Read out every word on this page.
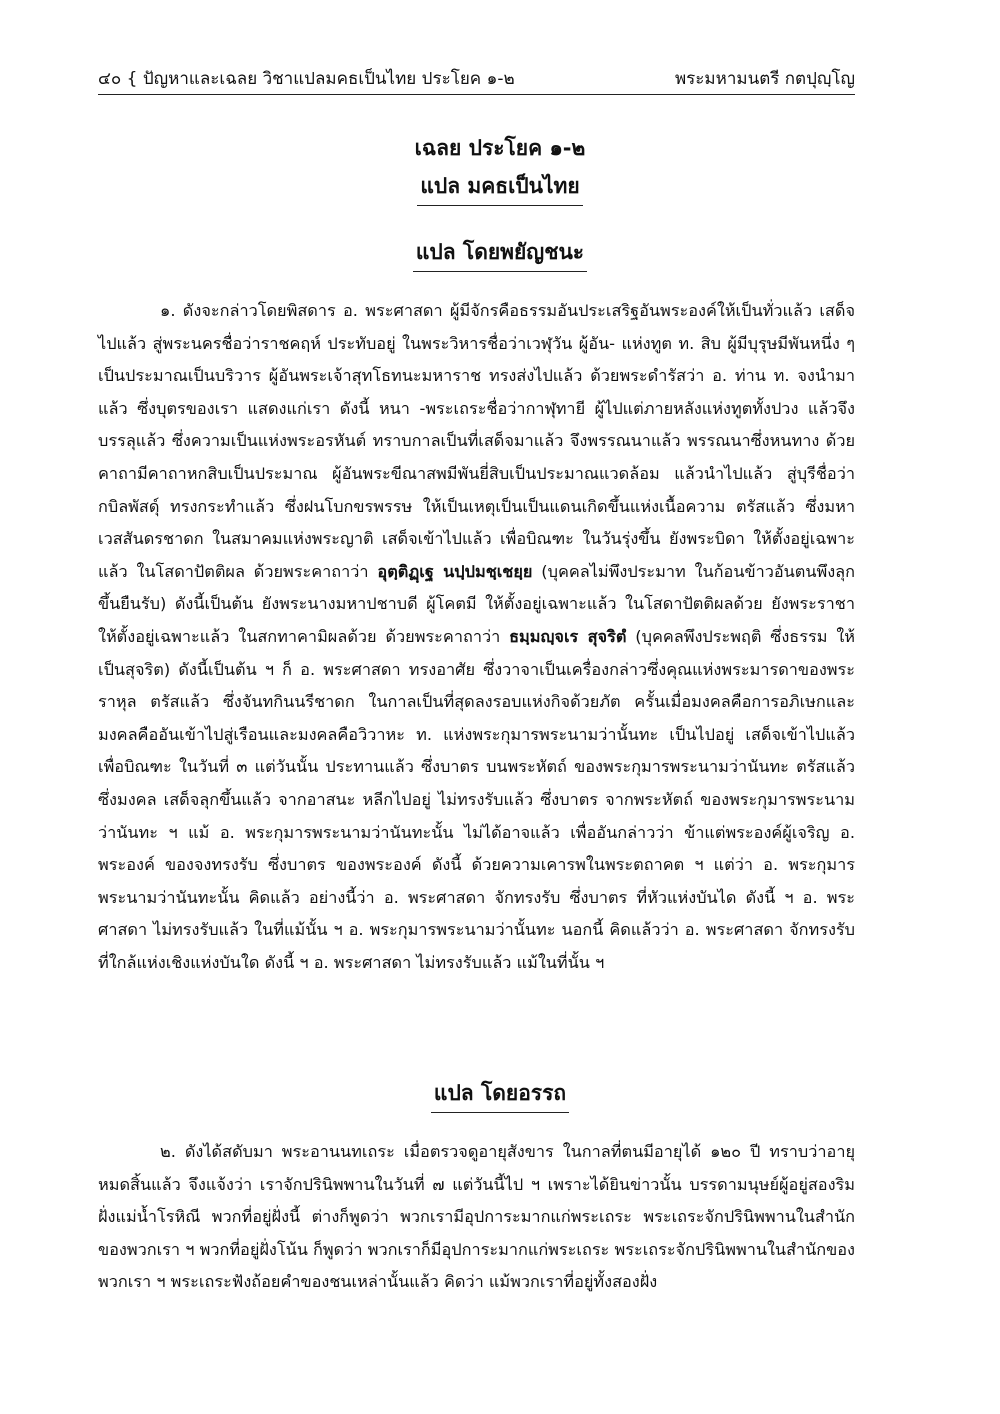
๔๐ { ปัญหาและเฉลย วิชาแปลมคธเป็นไทย ประโยค ๑-๒	พระมหามนตรี กตปุญฺโญ
เฉลย ประโยค ๑-๒
แปล มคธเป็นไทย
แปล โดยพยัญชนะ

๑. ดังจะกล่าวโดยพิสดาร อ. พระศาสดา ผู้มีจักรคือธรรมอันประเสริฐอันพระองค์ให้เป็นทั่วแล้ว เสด็จไปแล้ว สู่พระนครชื่อว่าราชคฤห์ ประทับอยู่ ในพระวิหารชื่อว่าเวฬุวัน ผู้อัน- แห่งทูต ท. สิบ ผู้มีบุรุษมีพันหนึ่ง ๆ เป็นประมาณเป็นบริวาร ผู้อันพระเจ้าสุทโธทนะมหาราช ทรงส่งไปแล้ว ด้วยพระดำรัสว่า อ. ท่าน ท. จงนำมาแล้ว ซึ่งบุตรของเรา แสดงแก่เรา ดังนี้ หนา -พระเถระชื่อว่ากาฬุทายี ผู้ไปแต่ภายหลังแห่งทูตทั้งปวง แล้วจึงบรรลุแล้ว ซึ่งความเป็นแห่งพระอรหันต์ ทราบกาลเป็นที่เสด็จมาแล้ว จึงพรรณนาแล้ว พรรณนาซึ่งหนทาง ด้วยคาถามีคาถาหกสิบเป็นประมาณ ผู้อันพระขีณาสพมีพันยี่สิบเป็นประมาณแวดล้อม แล้วนำไปแล้ว สู่บุรีชื่อว่ากบิลพัสดุ์ ทรงกระทำแล้ว ซึ่งฝนโบกขรพรรษ ให้เป็นเหตุเป็นเป็นแดนเกิดขึ้นแห่งเนื้อความ ตรัสแล้ว ซึ่งมหาเวสสันดรชาดก ในสมาคมแห่งพระญาติ เสด็จเข้าไปแล้ว เพื่อบิณฑะ ในวันรุ่งขึ้น ยังพระบิดา ให้ตั้งอยู่เฉพาะแล้ว ในโสดาปัตติผล ด้วยพระคาถาว่า อุตฺติฏฺเฐ นปฺปมชฺเชยฺย (บุคคลไม่พึงประมาท ในก้อนข้าวอันตนพึงลุกขึ้นยืนรับ) ดังนี้เป็นต้น ยังพระนางมหาปชาบดี ผู้โคตมี ให้ตั้งอยู่เฉพาะแล้ว ในโสดาปัตติผลด้วย ยังพระราชา ให้ตั้งอยู่เฉพาะแล้ว ในสกทาคามิผลด้วย ด้วยพระคาถาว่า ธมฺมญฺจเร สุจริตํ (บุคคลพึงประพฤติ ซึ่งธรรม ให้เป็นสุจริต) ดังนี้เป็นต้น ฯ ก็ อ. พระศาสดา ทรงอาศัย ซึ่งวาจาเป็นเครื่องกล่าวซึ่งคุณแห่งพระมารดาของพระราหุล ตรัสแล้ว ซึ่งจันทกินนรีชาดก ในกาลเป็นที่สุดลงรอบแห่งกิจด้วยภัต ครั้นเมื่อมงคลคือการอภิเษกและมงคลคืออันเข้าไปสู่เรือนและมงคลคือวิวาหะ ท. แห่งพระกุมารพระนามว่านั้นทะ เป็นไปอยู่ เสด็จเข้าไปแล้ว เพื่อบิณฑะ ในวันที่ ๓ แต่วันนั้น ประทานแล้ว ซึ่งบาตร บนพระหัตถ์ ของพระกุมารพระนามว่านันทะ ตรัสแล้ว ซึ่งมงคล เสด็จลุกขึ้นแล้ว จากอาสนะ หลีกไปอยู่ ไม่ทรงรับแล้ว ซึ่งบาตร จากพระหัตถ์ ของพระกุมารพระนามว่านันทะ ฯ แม้ อ. พระกุมารพระนามว่านันทะนั้น ไม่ได้อาจแล้ว เพื่ออันกล่าวว่า ข้าแต่พระองค์ผู้เจริญ อ. พระองค์ ของจงทรงรับ ซึ่งบาตร ของพระองค์ ดังนี้ ด้วยความเคารพในพระตถาคต ฯ แต่ว่า อ. พระกุมารพระนามว่านันทะนั้น คิดแล้ว อย่างนี้ว่า อ. พระศาสดา จักทรงรับ ซึ่งบาตร ที่หัวแห่งบันได ดังนี้ ฯ อ. พระศาสดา ไม่ทรงรับแล้ว ในที่แม้นั้น ฯ อ. พระกุมารพระนามว่านั้นทะ นอกนี้ คิดแล้วว่า อ. พระศาสดา จักทรงรับ ที่ใกล้แห่งเชิงแห่งบันใด ดังนี้ ฯ อ. พระศาสดา ไม่ทรงรับแล้ว แม้ในที่นั้น ฯ

แปล โดยอรรถ

๒. ดังได้สดับมา พระอานนทเถระ เมื่อตรวจดูอายุสังขาร ในกาลที่ตนมีอายุได้ ๑๒๐ ปี ทราบว่าอายุหมดสิ้นแล้ว จึงแจ้งว่า เราจักปรินิพพานในวันที่ ๗ แต่วันนี้ไป ฯ เพราะได้ยินข่าวนั้น บรรดามนุษย์ผู้อยู่สองริมฝั่งแม่น้ำโรหิณี พวกที่อยู่ฝั่งนี้ ต่างก็พูดว่า พวกเรามีอุปการะมากแก่พระเถระ พระเถระจักปรินิพพานในสำนักของพวกเรา ฯ พวกที่อยู่ฝั่งโน้น ก็พูดว่า พวกเราก็มีอุปการะมากแก่พระเถระ พระเถระจักปรินิพพานในสำนักของพวกเรา ฯ พระเถระฟังถ้อยคำของชนเหล่านั้นแล้ว คิดว่า แม้พวกเราที่อยู่ทั้งสองฝั่ง
